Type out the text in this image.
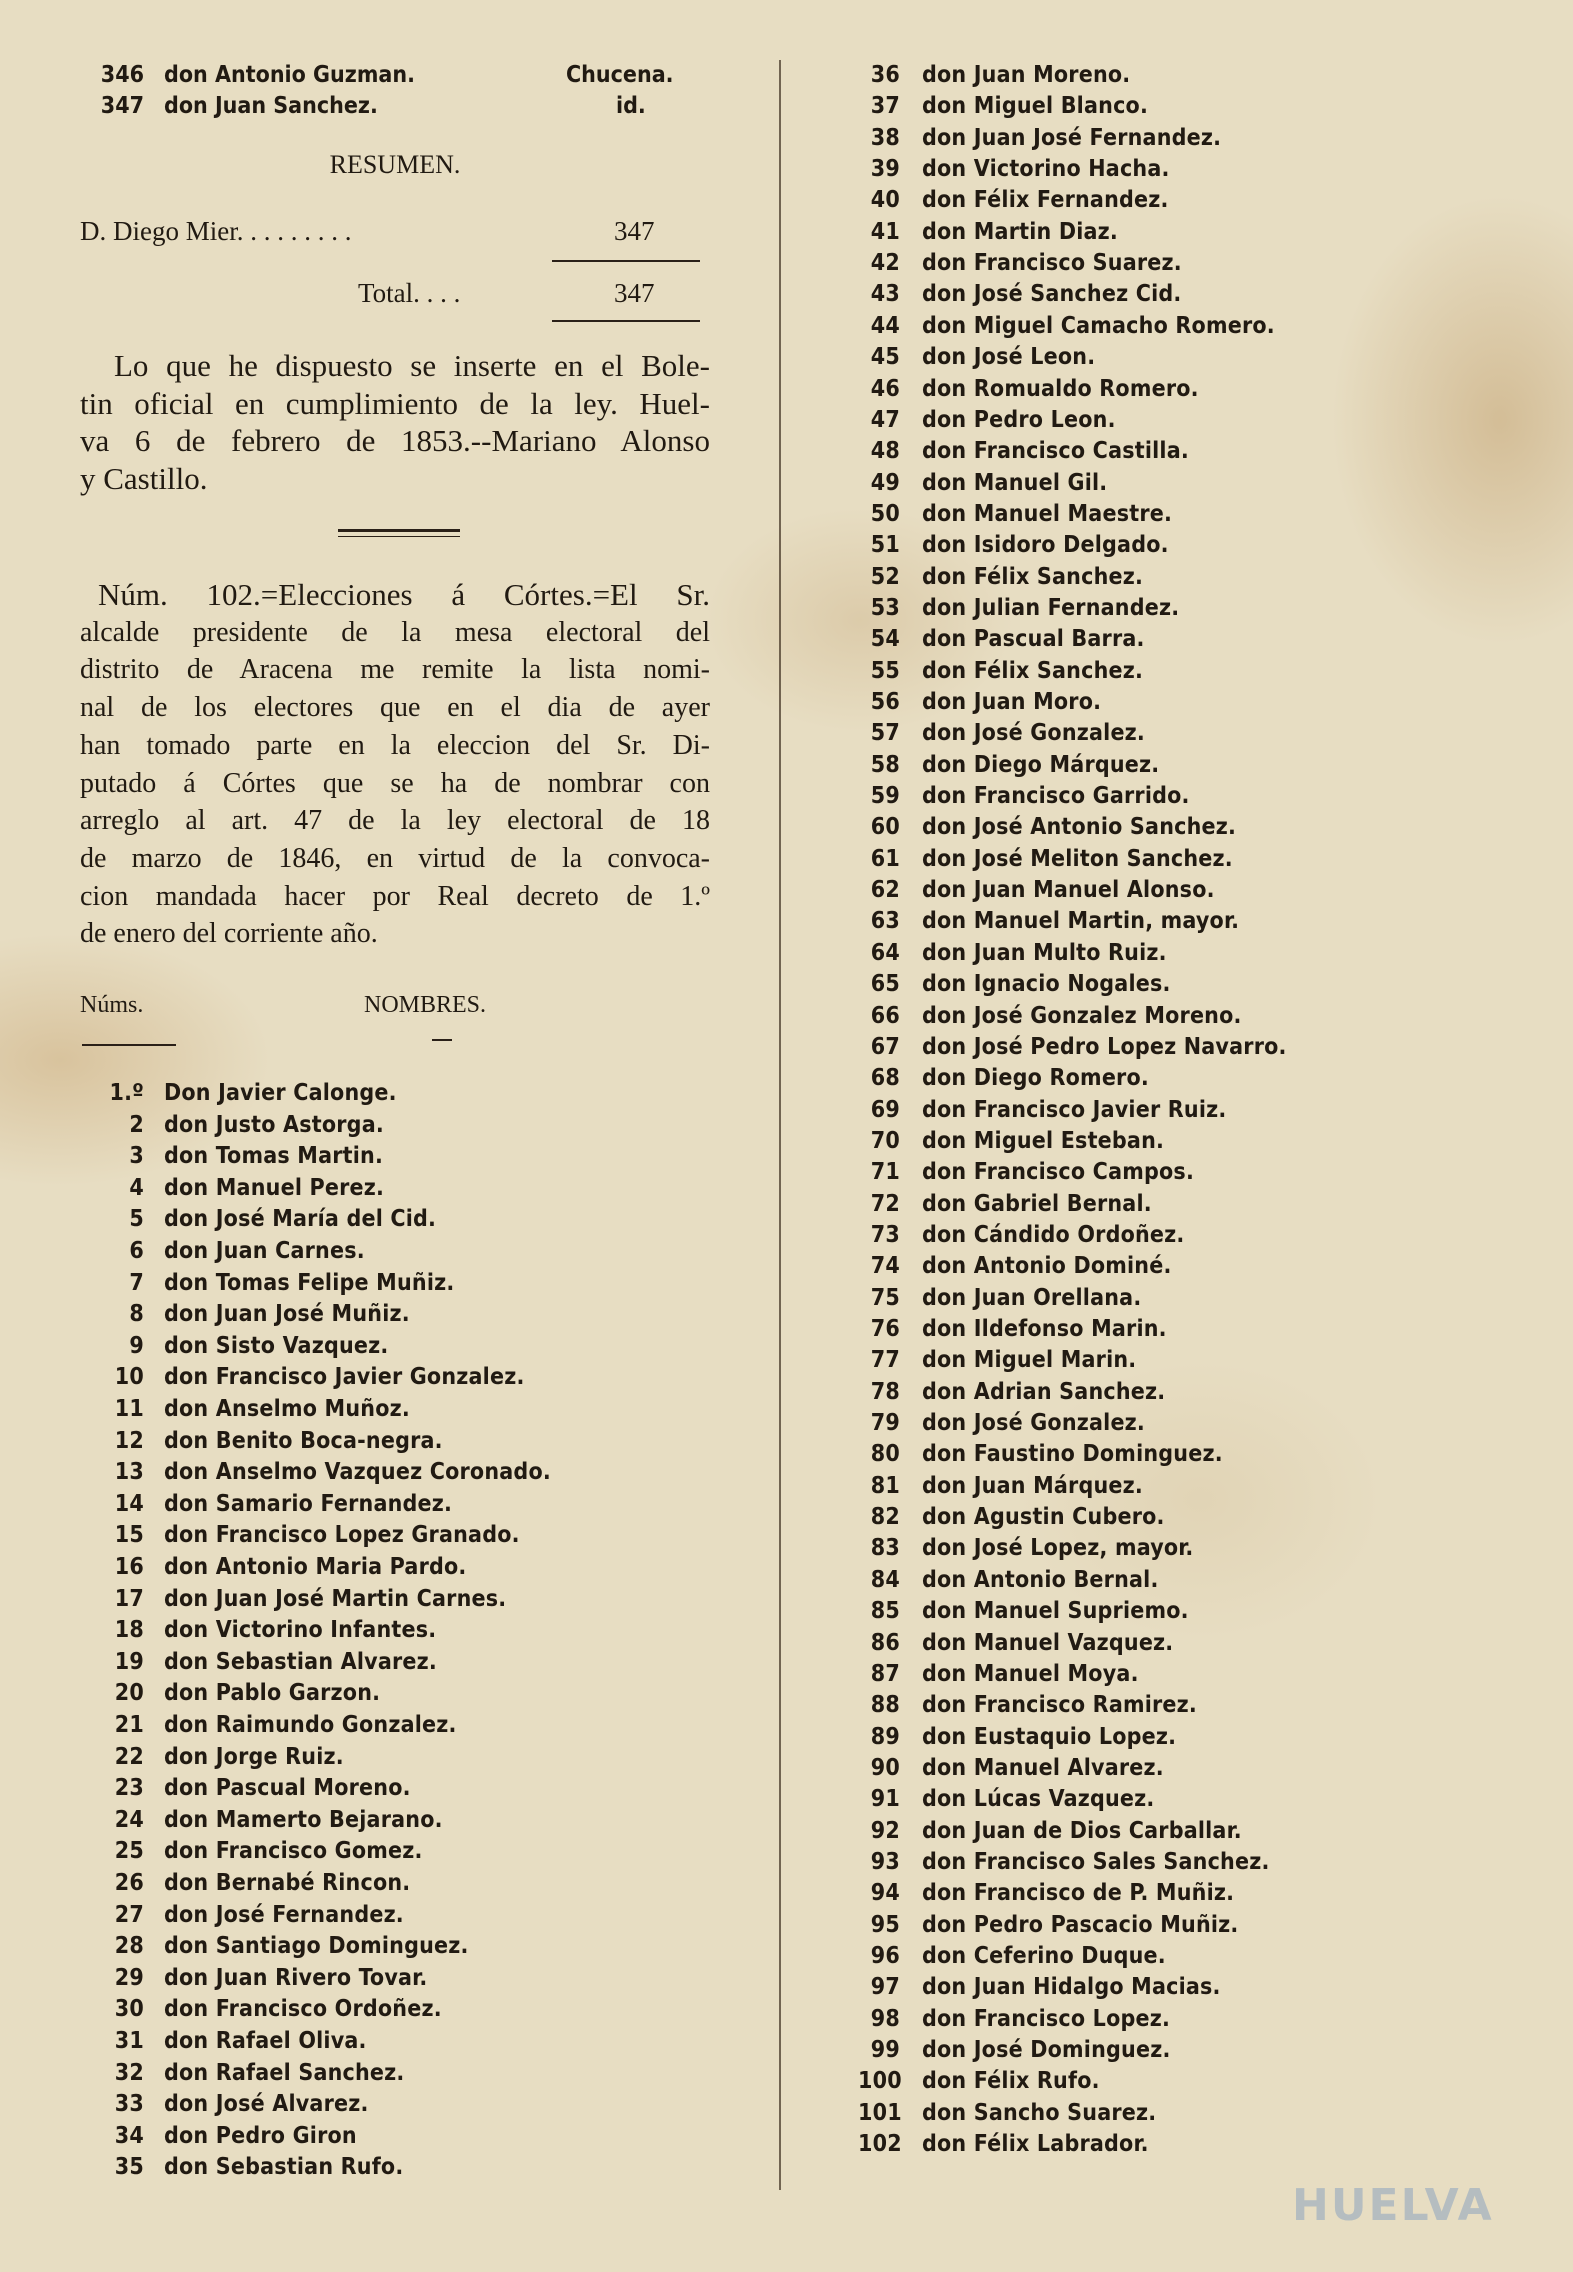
346 don Antonio Guzman.	Chucena.
347 don Juan Sanchez.	id.
RESUMEN.
D. Diego Mier. . . . . . . . .	347
Total. . . .	347
Lo que he dispuesto se inserte en el Bole-
tin oficial en cumplimiento de la ley. Huel-
va 6 de febrero de 1853.--Mariano Alonso
y Castillo.
Núm. 102.=Elecciones á Córtes.=El Sr.
alcalde presidente de la mesa electoral del
distrito de Aracena me remite la lista nomi-
nal de los electores que en el dia de ayer
han tomado parte en la eleccion del Sr. Di-
putado á Córtes que se ha de nombrar con
arreglo al art. 47 de la ley electoral de 18
de marzo de 1846, en virtud de la convoca-
cion mandada hacer por Real decreto de 1.º
de enero del corriente año.
Núms.	NOMBRES.
1.º Don Javier Calonge.
2 don Justo Astorga.
3 don Tomas Martin.
4 don Manuel Perez.
5 don José María del Cid.
6 don Juan Carnes.
7 don Tomas Felipe Muñiz.
8 don Juan José Muñiz.
9 don Sisto Vazquez.
10 don Francisco Javier Gonzalez.
11 don Anselmo Muñoz.
12 don Benito Boca-negra.
13 don Anselmo Vazquez Coronado.
14 don Samario Fernandez.
15 don Francisco Lopez Granado.
16 don Antonio Maria Pardo.
17 don Juan José Martin Carnes.
18 don Victorino Infantes.
19 don Sebastian Alvarez.
20 don Pablo Garzon.
21 don Raimundo Gonzalez.
22 don Jorge Ruiz.
23 don Pascual Moreno.
24 don Mamerto Bejarano.
25 don Francisco Gomez.
26 don Bernabé Rincon.
27 don José Fernandez.
28 don Santiago Dominguez.
29 don Juan Rivero Tovar.
30 don Francisco Ordoñez.
31 don Rafael Oliva.
32 don Rafael Sanchez.
33 don José Alvarez.
34 don Pedro Giron
35 don Sebastian Rufo.
36 don Juan Moreno.
37 don Miguel Blanco.
38 don Juan José Fernandez.
39 don Victorino Hacha.
40 don Félix Fernandez.
41 don Martin Diaz.
42 don Francisco Suarez.
43 don José Sanchez Cid.
44 don Miguel Camacho Romero.
45 don José Leon.
46 don Romualdo Romero.
47 don Pedro Leon.
48 don Francisco Castilla.
49 don Manuel Gil.
50 don Manuel Maestre.
51 don Isidoro Delgado.
52 don Félix Sanchez.
53 don Julian Fernandez.
54 don Pascual Barra.
55 don Félix Sanchez.
56 don Juan Moro.
57 don José Gonzalez.
58 don Diego Márquez.
59 don Francisco Garrido.
60 don José Antonio Sanchez.
61 don José Meliton Sanchez.
62 don Juan Manuel Alonso.
63 don Manuel Martin, mayor.
64 don Juan Multo Ruiz.
65 don Ignacio Nogales.
66 don José Gonzalez Moreno.
67 don José Pedro Lopez Navarro.
68 don Diego Romero.
69 don Francisco Javier Ruiz.
70 don Miguel Esteban.
71 don Francisco Campos.
72 don Gabriel Bernal.
73 don Cándido Ordoñez.
74 don Antonio Dominé.
75 don Juan Orellana.
76 don Ildefonso Marin.
77 don Miguel Marin.
78 don Adrian Sanchez.
79 don José Gonzalez.
80 don Faustino Dominguez.
81 don Juan Márquez.
82 don Agustin Cubero.
83 don José Lopez, mayor.
84 don Antonio Bernal.
85 don Manuel Supriemo.
86 don Manuel Vazquez.
87 don Manuel Moya.
88 don Francisco Ramirez.
89 don Eustaquio Lopez.
90 don Manuel Alvarez.
91 don Lúcas Vazquez.
92 don Juan de Dios Carballar.
93 don Francisco Sales Sanchez.
94 don Francisco de P. Muñiz.
95 don Pedro Pascacio Muñiz.
96 don Ceferino Duque.
97 don Juan Hidalgo Macias.
98 don Francisco Lopez.
99 don José Dominguez.
100 don Félix Rufo.
101 don Sancho Suarez.
102 don Félix Labrador.
HUELVA
